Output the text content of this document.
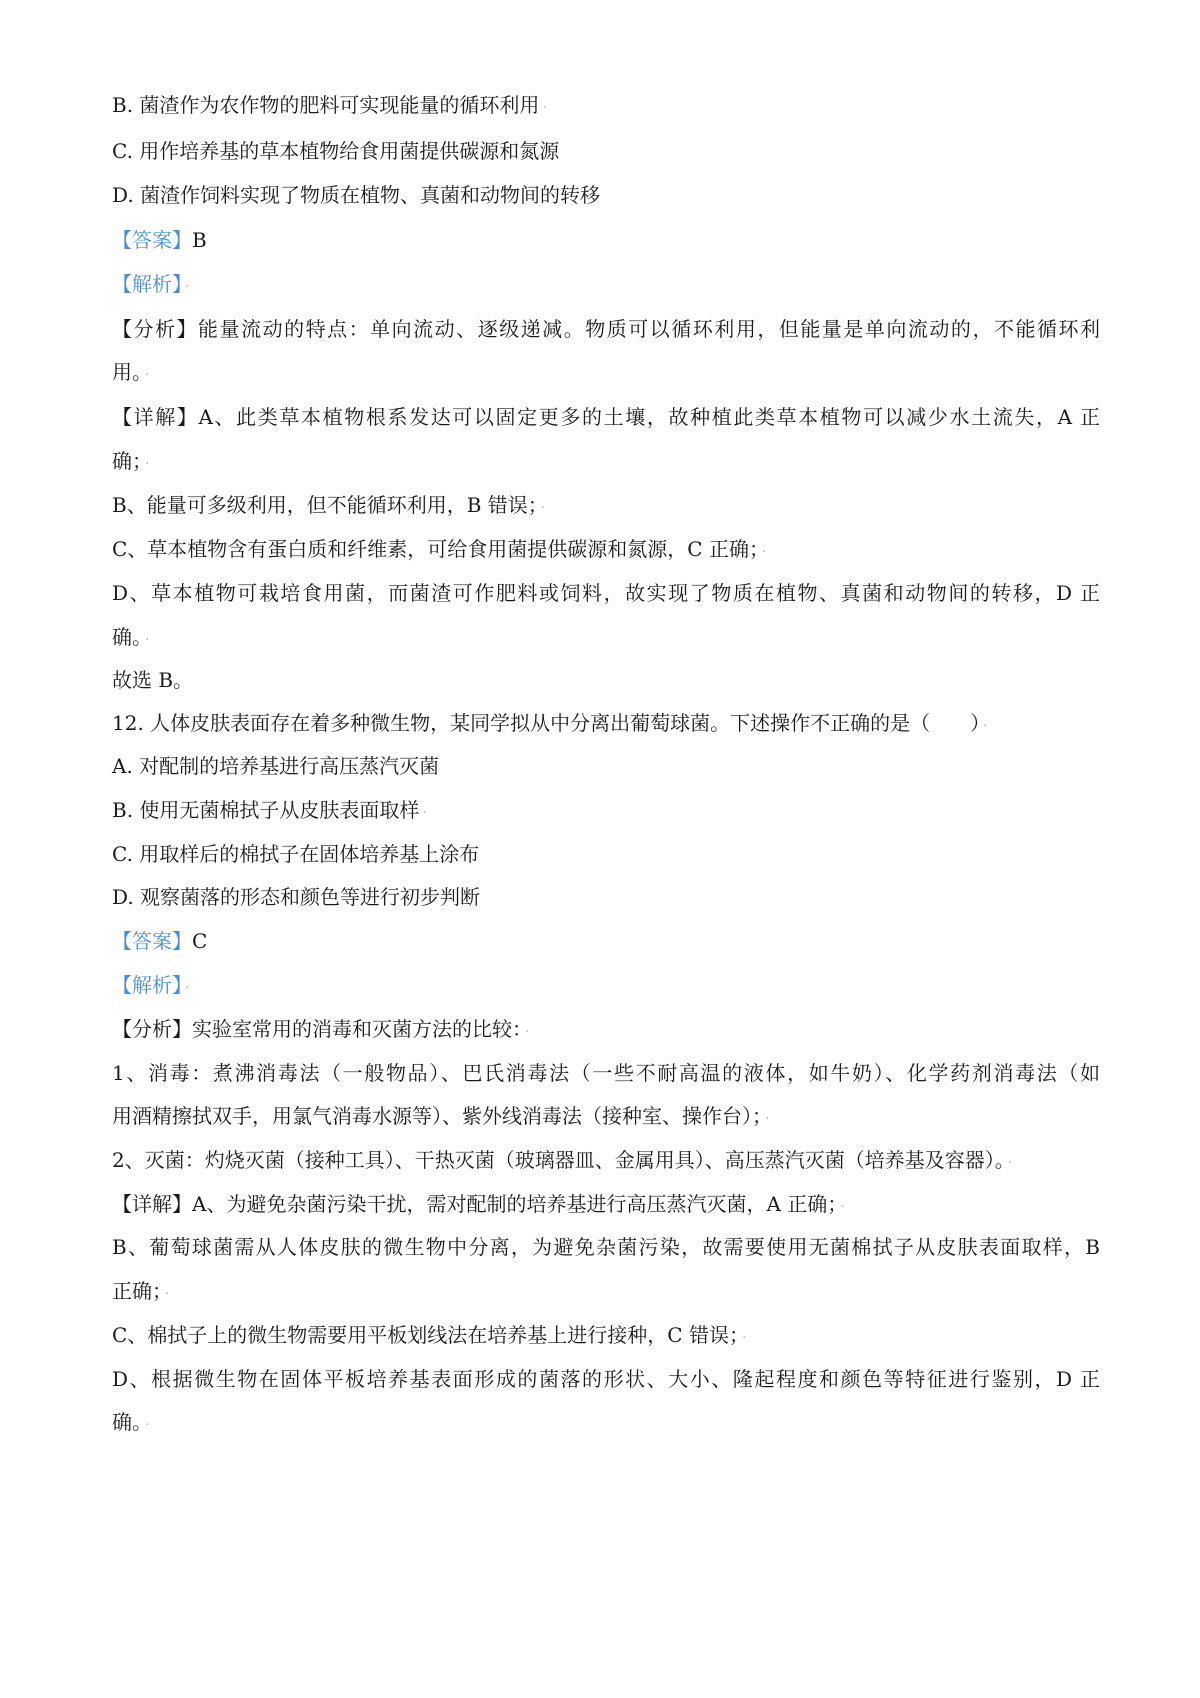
B. 菌渣作为农作物的肥料可实现能量的循环利用 ·
C. 用作培养基的草本植物给食用菌提供碳源和氮源
D. 菌渣作饲料实现了物质在植物、真菌和动物间的转移
【答案】B
【解析】 ·
【分析】能量流动的特点：单向流动、逐级递减。物质可以循环利用，但能量是单向流动的，不能循环利
用。 ·
【详解】A、此类草本植物根系发达可以固定更多的土壤，故种植此类草本植物可以减少水土流失，A 正
确； ·
B、能量可多级利用，但不能循环利用，B 错误； ·
C、草本植物含有蛋白质和纤维素，可给食用菌提供碳源和氮源，C 正确； ·
D、草本植物可栽培食用菌，而菌渣可作肥料或饲料，故实现了物质在植物、真菌和动物间的转移，D 正
确。 ·
故选 B。
12. 人体皮肤表面存在着多种微生物，某同学拟从中分离出葡萄球菌。下述操作不正确的是（　　） ·
A. 对配制的培养基进行高压蒸汽灭菌
B. 使用无菌棉拭子从皮肤表面取样 ·
C. 用取样后的棉拭子在固体培养基上涂布
D. 观察菌落的形态和颜色等进行初步判断
【答案】C
【解析】 ·
【分析】实验室常用的消毒和灭菌方法的比较： ·
1、消毒：煮沸消毒法（一般物品）、巴氏消毒法（一些不耐高温的液体，如牛奶）、化学药剂消毒法（如
用酒精擦拭双手，用氯气消毒水源等）、紫外线消毒法（接种室、操作台）； ·
2、灭菌：灼烧灭菌（接种工具）、干热灭菌（玻璃器皿、金属用具）、高压蒸汽灭菌（培养基及容器）。 ·
【详解】A、为避免杂菌污染干扰，需对配制的培养基进行高压蒸汽灭菌，A 正确； ·
B、葡萄球菌需从人体皮肤的微生物中分离，为避免杂菌污染，故需要使用无菌棉拭子从皮肤表面取样，B
正确； ·
C、棉拭子上的微生物需要用平板划线法在培养基上进行接种，C 错误； ·
D、根据微生物在固体平板培养基表面形成的菌落的形状、大小、隆起程度和颜色等特征进行鉴别，D 正
确。 ·
